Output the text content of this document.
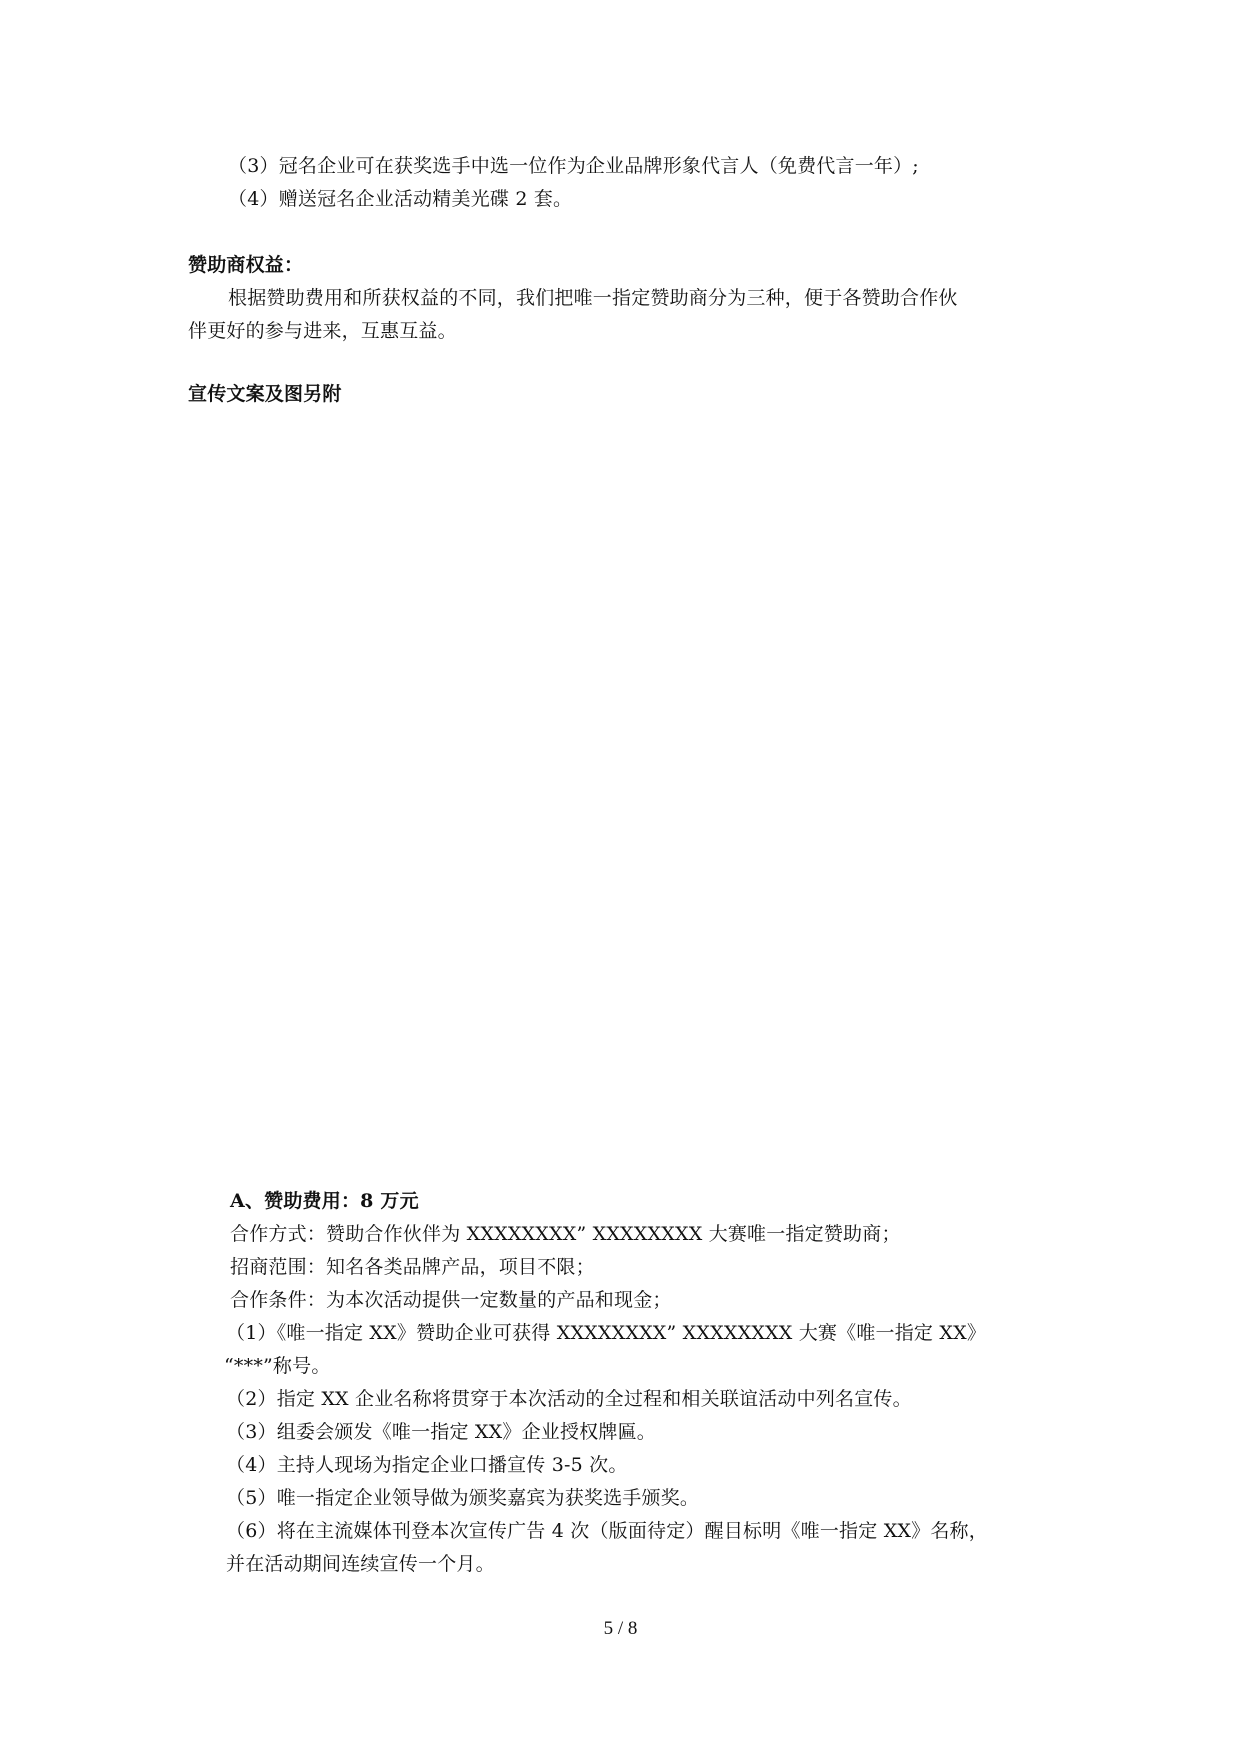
（3）冠名企业可在获奖选手中选一位作为企业品牌形象代言人（免费代言一年）;
（4）赠送冠名企业活动精美光碟 2 套。
赞助商权益：
根据赞助费用和所获权益的不同，我们把唯一指定赞助商分为三种，便于各赞助合作伙
伴更好的参与进来，互惠互益。
宣传文案及图另附
A、赞助费用：8 万元
合作方式：赞助合作伙伴为 XXXXXXXX” XXXXXXXX 大赛唯一指定赞助商；
招商范围：知名各类品牌产品，项目不限；
合作条件：为本次活动提供一定数量的产品和现金；
（1）《唯一指定 XX》赞助企业可获得 XXXXXXXX” XXXXXXXX 大赛《唯一指定 XX》
“***”称号。
（2）指定 XX 企业名称将贯穿于本次活动的全过程和相关联谊活动中列名宣传。
（3）组委会颁发《唯一指定 XX》企业授权牌匾。
（4）主持人现场为指定企业口播宣传 3-5 次。
（5）唯一指定企业领导做为颁奖嘉宾为获奖选手颁奖。
（6）将在主流媒体刊登本次宣传广告 4 次（版面待定）醒目标明《唯一指定 XX》名称，
并在活动期间连续宣传一个月。
5 / 8
